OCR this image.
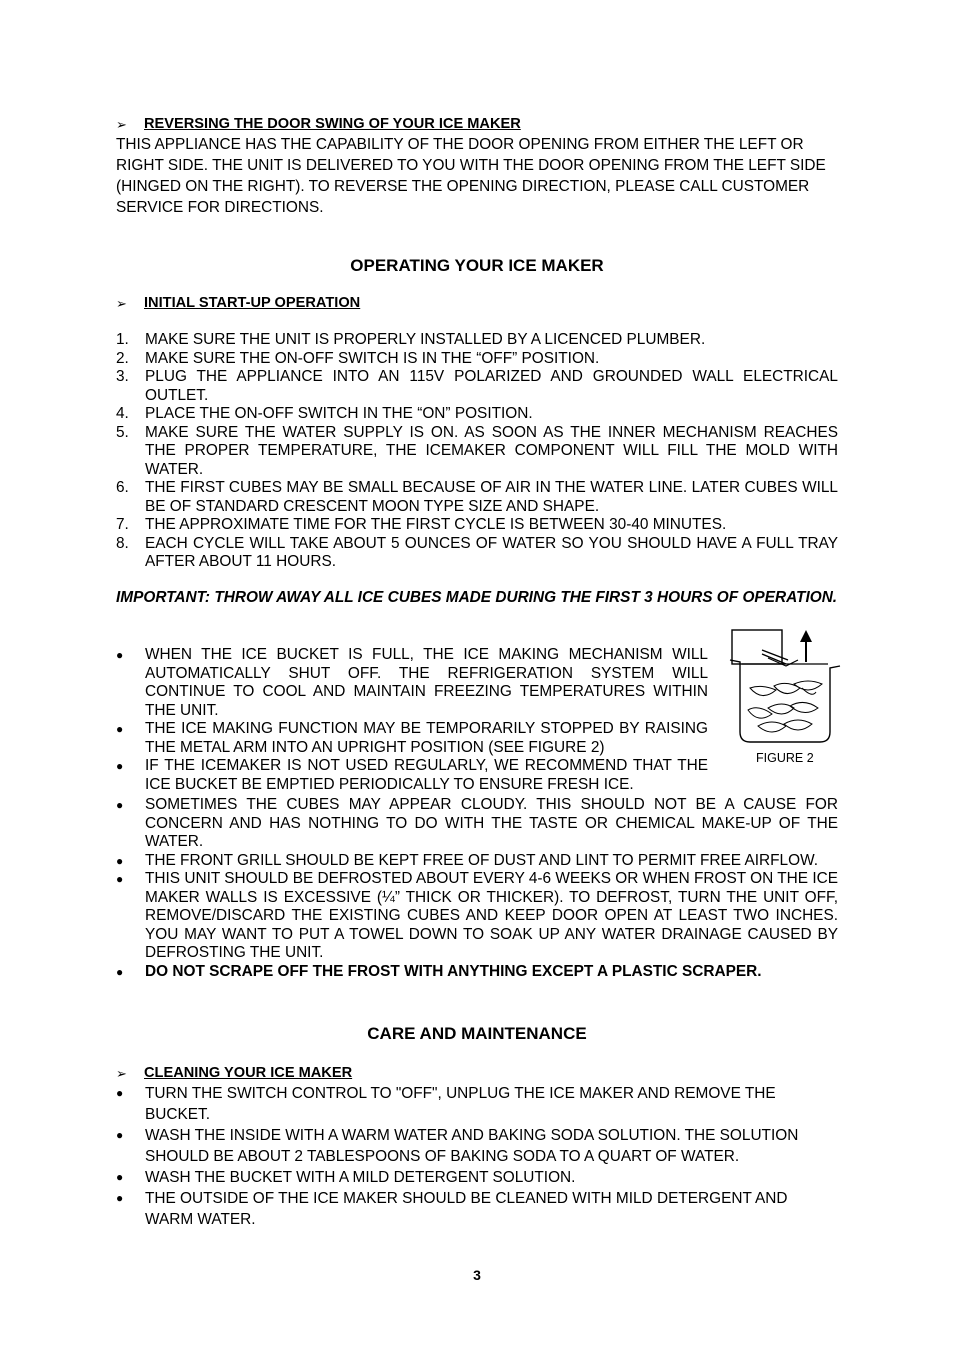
➢ REVERSING THE DOOR SWING OF YOUR ICE MAKER
THIS APPLIANCE HAS THE CAPABILITY OF THE DOOR OPENING FROM EITHER THE LEFT OR RIGHT SIDE. THE UNIT IS DELIVERED TO YOU WITH THE DOOR OPENING FROM THE LEFT SIDE (HINGED ON THE RIGHT). TO REVERSE THE OPENING DIRECTION, PLEASE CALL CUSTOMER SERVICE FOR DIRECTIONS.
OPERATING YOUR ICE MAKER
➢ INITIAL START-UP OPERATION
1. MAKE SURE THE UNIT IS PROPERLY INSTALLED BY A LICENCED PLUMBER.
2. MAKE SURE THE ON-OFF SWITCH IS IN THE “OFF” POSITION.
3. PLUG THE APPLIANCE INTO AN 115V POLARIZED AND GROUNDED WALL ELECTRICAL OUTLET.
4. PLACE THE ON-OFF SWITCH IN THE “ON” POSITION.
5. MAKE SURE THE WATER SUPPLY IS ON. AS SOON AS THE INNER MECHANISM REACHES THE PROPER TEMPERATURE, THE ICEMAKER COMPONENT WILL FILL THE MOLD WITH WATER.
6. THE FIRST CUBES MAY BE SMALL BECAUSE OF AIR IN THE WATER LINE. LATER CUBES WILL BE OF STANDARD CRESCENT MOON TYPE SIZE AND SHAPE.
7. THE APPROXIMATE TIME FOR THE FIRST CYCLE IS BETWEEN 30-40 MINUTES.
8. EACH CYCLE WILL TAKE ABOUT 5 OUNCES OF WATER SO YOU SHOULD HAVE A FULL TRAY AFTER ABOUT 11 HOURS.
IMPORTANT: THROW AWAY ALL ICE CUBES MADE DURING THE FIRST 3 HOURS OF OPERATION.
FIGURE 2
● WHEN THE ICE BUCKET IS FULL, THE ICE MAKING MECHANISM WILL AUTOMATICALLY SHUT OFF. THE REFRIGERATION SYSTEM WILL CONTINUE TO COOL AND MAINTAIN FREEZING TEMPERATURES WITHIN THE UNIT.
● THE ICE MAKING FUNCTION MAY BE TEMPORARILY STOPPED BY RAISING THE METAL ARM INTO AN UPRIGHT POSITION (SEE FIGURE 2)
● IF THE ICEMAKER IS NOT USED REGULARLY, WE RECOMMEND THAT THE ICE BUCKET BE EMPTIED PERIODICALLY TO ENSURE FRESH ICE.
● SOMETIMES THE CUBES MAY APPEAR CLOUDY. THIS SHOULD NOT BE A CAUSE FOR CONCERN AND HAS NOTHING TO DO WITH THE TASTE OR CHEMICAL MAKE-UP OF THE WATER.
● THE FRONT GRILL SHOULD BE KEPT FREE OF DUST AND LINT TO PERMIT FREE AIRFLOW.
● THIS UNIT SHOULD BE DEFROSTED ABOUT EVERY 4-6 WEEKS OR WHEN FROST ON THE ICE MAKER WALLS IS EXCESSIVE (¼” THICK OR THICKER). TO DEFROST, TURN THE UNIT OFF, REMOVE/DISCARD THE EXISTING CUBES AND KEEP DOOR OPEN AT LEAST TWO INCHES. YOU MAY WANT TO PUT A TOWEL DOWN TO SOAK UP ANY WATER DRAINAGE CAUSED BY DEFROSTING THE UNIT.
● DO NOT SCRAPE OFF THE FROST WITH ANYTHING EXCEPT A PLASTIC SCRAPER.
CARE AND MAINTENANCE
➢ CLEANING YOUR ICE MAKER
● TURN THE SWITCH CONTROL TO "OFF", UNPLUG THE ICE MAKER AND REMOVE THE BUCKET.
● WASH THE INSIDE WITH A WARM WATER AND BAKING SODA SOLUTION. THE SOLUTION SHOULD BE ABOUT 2 TABLESPOONS OF BAKING SODA TO A QUART OF WATER.
● WASH THE BUCKET WITH A MILD DETERGENT SOLUTION.
● THE OUTSIDE OF THE ICE MAKER SHOULD BE CLEANED WITH MILD DETERGENT AND WARM WATER.
3
